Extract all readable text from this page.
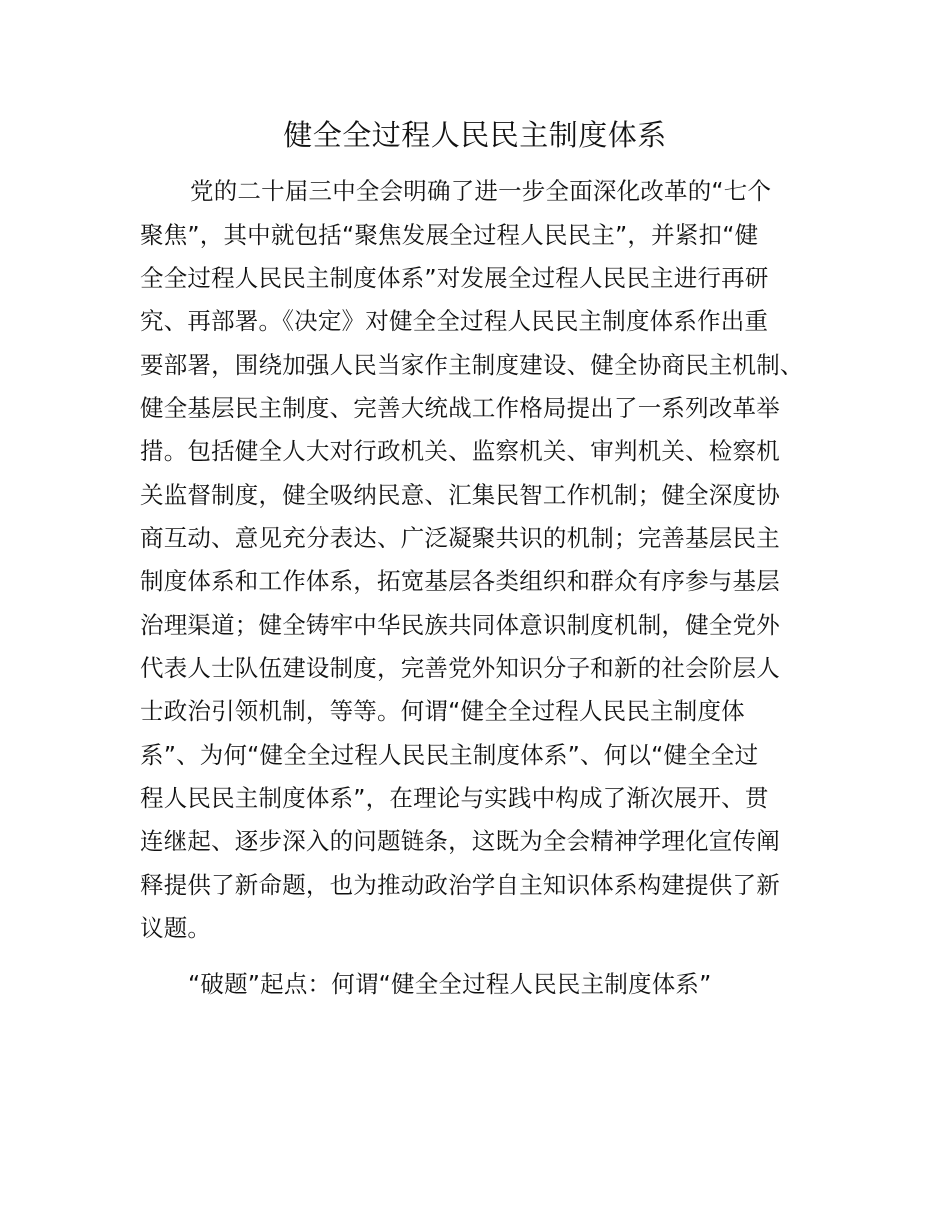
健全全过程人民民主制度体系
党的二十届三中全会明确了进一步全面深化改革的“七个
聚焦”，其中就包括“聚焦发展全过程人民民主”，并紧扣“健
全全过程人民民主制度体系”对发展全过程人民民主进行再研
究、再部署。《决定》对健全全过程人民民主制度体系作出重
要部署，围绕加强人民当家作主制度建设、健全协商民主机制、
健全基层民主制度、完善大统战工作格局提出了一系列改革举
措。包括健全人大对行政机关、监察机关、审判机关、检察机
关监督制度，健全吸纳民意、汇集民智工作机制；健全深度协
商互动、意见充分表达、广泛凝聚共识的机制；完善基层民主
制度体系和工作体系，拓宽基层各类组织和群众有序参与基层
治理渠道；健全铸牢中华民族共同体意识制度机制，健全党外
代表人士队伍建设制度，完善党外知识分子和新的社会阶层人
士政治引领机制，等等。何谓“健全全过程人民民主制度体
系”、为何“健全全过程人民民主制度体系”、何以“健全全过
程人民民主制度体系”，在理论与实践中构成了渐次展开、贯
连继起、逐步深入的问题链条，这既为全会精神学理化宣传阐
释提供了新命题，也为推动政治学自主知识体系构建提供了新
议题。
“破题”起点：何谓“健全全过程人民民主制度体系”
